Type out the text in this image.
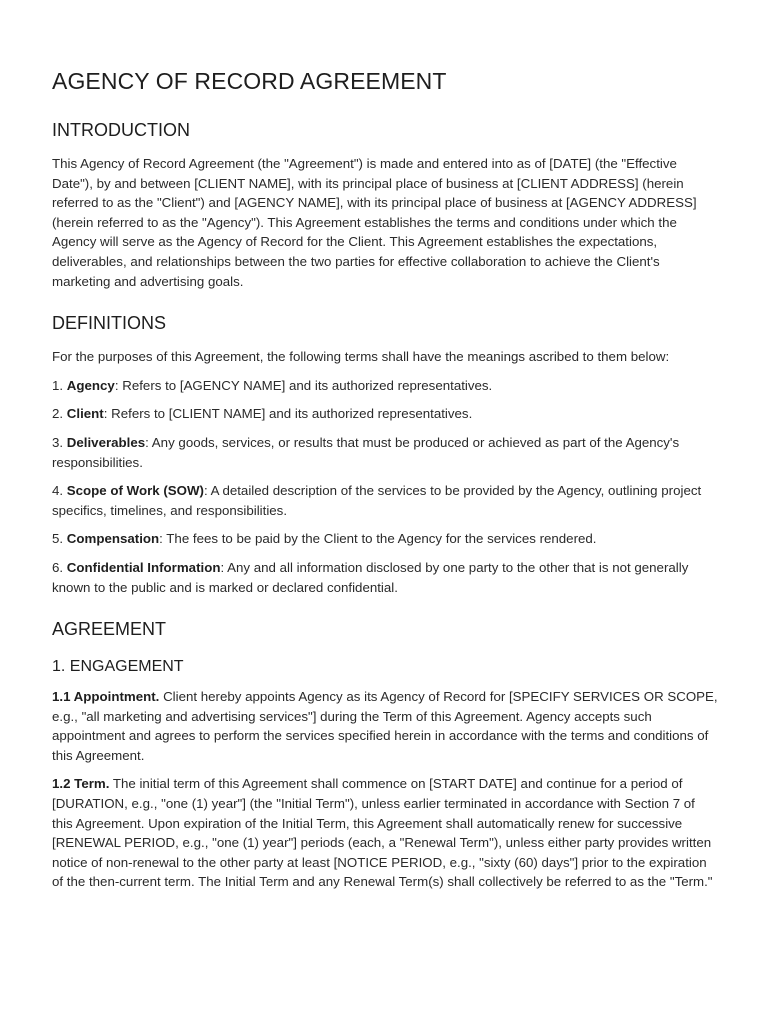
AGENCY OF RECORD AGREEMENT
INTRODUCTION

This Agency of Record Agreement (the "Agreement") is made and entered into as of [DATE] (the "Effective Date"), by and between [CLIENT NAME], with its principal place of business at [CLIENT ADDRESS] (herein referred to as the "Client") and [AGENCY NAME], with its principal place of business at [AGENCY ADDRESS] (herein referred to as the "Agency"). This Agreement establishes the terms and conditions under which the Agency will serve as the Agency of Record for the Client. This Agreement establishes the expectations, deliverables, and relationships between the two parties for effective collaboration to achieve the Client's marketing and advertising goals.

DEFINITIONS

For the purposes of this Agreement, the following terms shall have the meanings ascribed to them below:

1. Agency: Refers to [AGENCY NAME] and its authorized representatives.

2. Client: Refers to [CLIENT NAME] and its authorized representatives.

3. Deliverables: Any goods, services, or results that must be produced or achieved as part of the Agency's responsibilities.

4. Scope of Work (SOW): A detailed description of the services to be provided by the Agency, outlining project specifics, timelines, and responsibilities.

5. Compensation: The fees to be paid by the Client to the Agency for the services rendered.

6. Confidential Information: Any and all information disclosed by one party to the other that is not generally known to the public and is marked or declared confidential.

AGREEMENT
1. ENGAGEMENT

1.1 Appointment. Client hereby appoints Agency as its Agency of Record for [SPECIFY SERVICES OR SCOPE, e.g., "all marketing and advertising services"] during the Term of this Agreement. Agency accepts such appointment and agrees to perform the services specified herein in accordance with the terms and conditions of this Agreement.

1.2 Term. The initial term of this Agreement shall commence on [START DATE] and continue for a period of [DURATION, e.g., "one (1) year"] (the "Initial Term"), unless earlier terminated in accordance with Section 7 of this Agreement. Upon expiration of the Initial Term, this Agreement shall automatically renew for successive [RENEWAL PERIOD, e.g., "one (1) year"] periods (each, a "Renewal Term"), unless either party provides written notice of non-renewal to the other party at least [NOTICE PERIOD, e.g., "sixty (60) days"] prior to the expiration of the then-current term. The Initial Term and any Renewal Term(s) shall collectively be referred to as the "Term."
